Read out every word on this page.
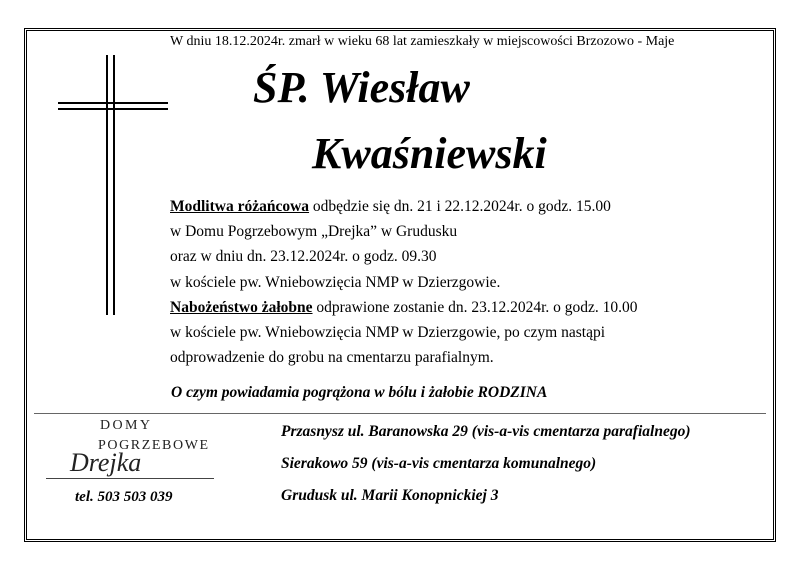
W dniu 18.12.2024r. zmarł w wieku 68 lat zamieszkały w miejscowości Brzozowo - Maje
ŚP. Wiesław
Kwaśniewski
Modlitwa różańcowa odbędzie się dn. 21 i 22.12.2024r. o godz. 15.00
w Domu Pogrzebowym „Drejka” w Grudusku
oraz w dniu dn. 23.12.2024r. o godz. 09.30
w kościele pw. Wniebowzięcia NMP w Dzierzgowie.
Nabożeństwo żałobne odprawione zostanie dn. 23.12.2024r. o godz. 10.00
w kościele pw. Wniebowzięcia NMP w Dzierzgowie, po czym nastąpi
odprowadzenie do grobu na cmentarzu parafialnym.
O czym powiadamia pogrążona w bólu i żałobie RODZINA
DOMY
POGRZEBOWE
Drejka
tel. 503 503 039
Przasnysz ul. Baranowska 29 (vis-a-vis cmentarza parafialnego)
Sierakowo 59 (vis-a-vis cmentarza komunalnego)
Grudusk ul. Marii Konopnickiej 3
